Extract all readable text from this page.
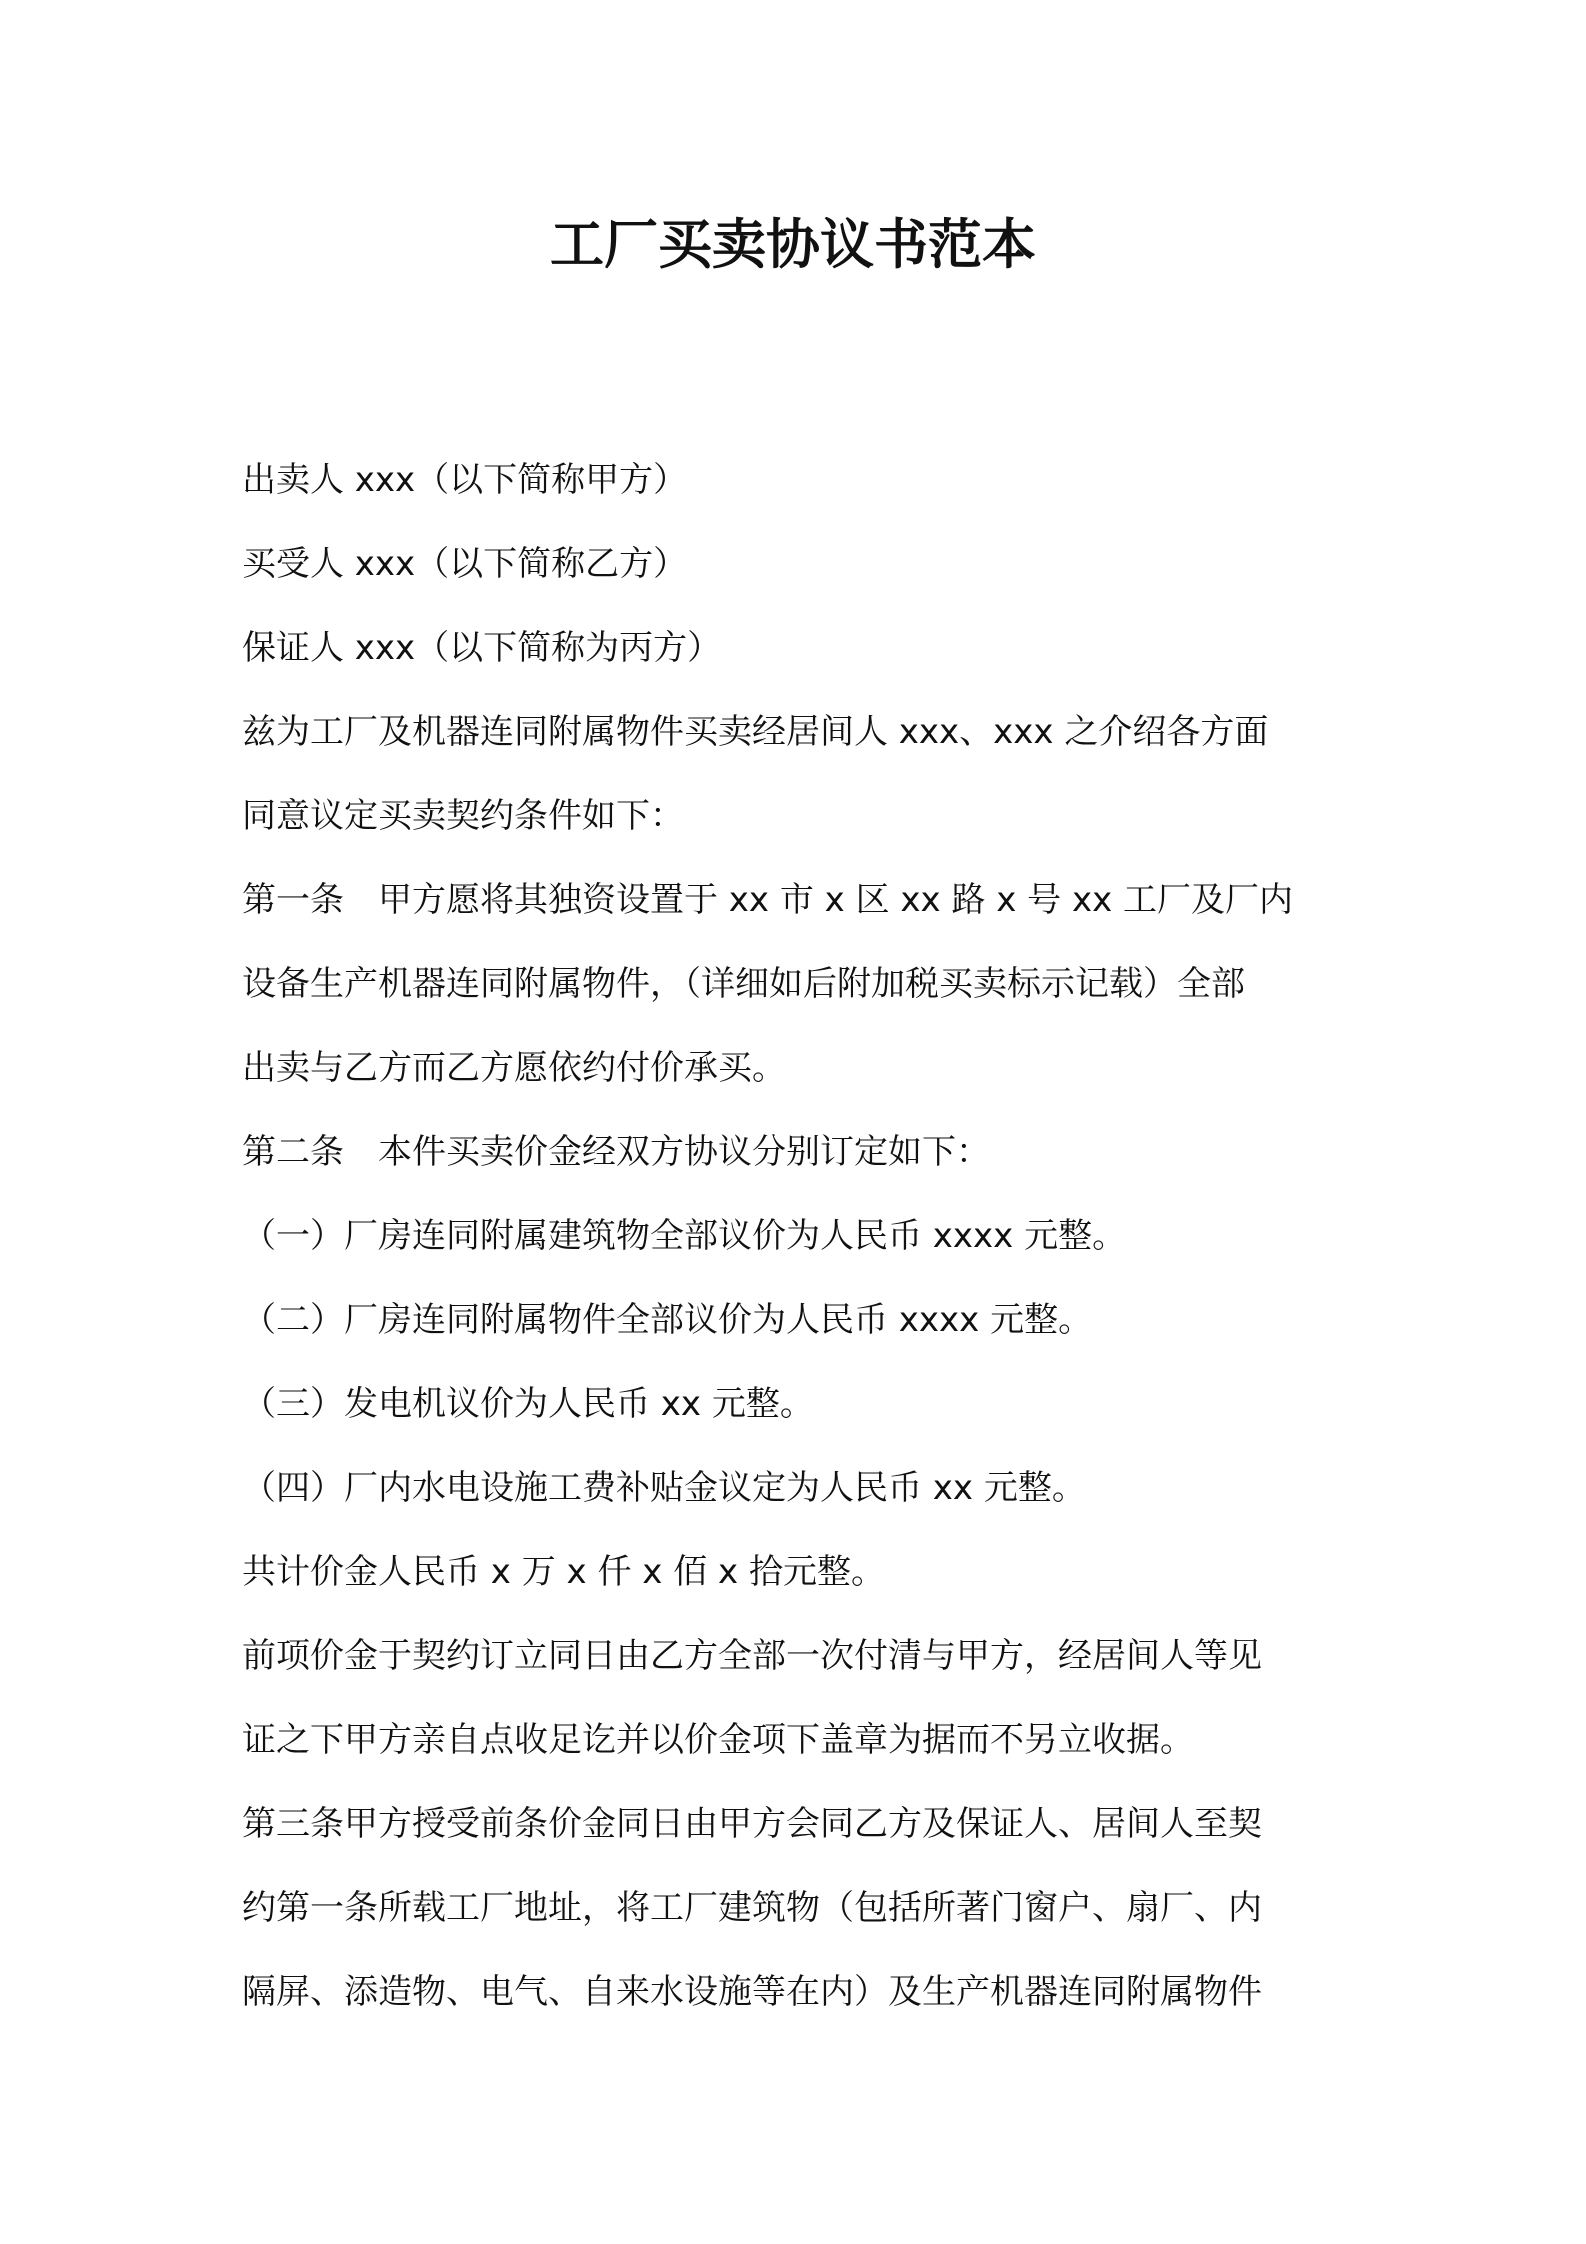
工厂买卖协议书范本

出卖人 xxx（以下简称甲方）

买受人 xxx（以下简称乙方）

保证人 xxx（以下简称为丙方）

兹为工厂及机器连同附属物件买卖经居间人 xxx、xxx 之介绍各方面

同意议定买卖契约条件如下：

第一条　甲方愿将其独资设置于 xx 市 x 区 xx 路 x 号 xx 工厂及厂内

设备生产机器连同附属物件，（详细如后附加税买卖标示记载）全部

出卖与乙方而乙方愿依约付价承买。

第二条　本件买卖价金经双方协议分别订定如下：

（一）厂房连同附属建筑物全部议价为人民币 xxxx 元整。

（二）厂房连同附属物件全部议价为人民币 xxxx 元整。

（三）发电机议价为人民币 xx 元整。

（四）厂内水电设施工费补贴金议定为人民币 xx 元整。

共计价金人民币 x 万 x 仟 x 佰 x 拾元整。

前项价金于契约订立同日由乙方全部一次付清与甲方，经居间人等见

证之下甲方亲自点收足讫并以价金项下盖章为据而不另立收据。

第三条甲方授受前条价金同日由甲方会同乙方及保证人、居间人至契

约第一条所载工厂地址，将工厂建筑物（包括所著门窗户、扇厂、内

隔屏、添造物、电气、自来水设施等在内）及生产机器连同附属物件
